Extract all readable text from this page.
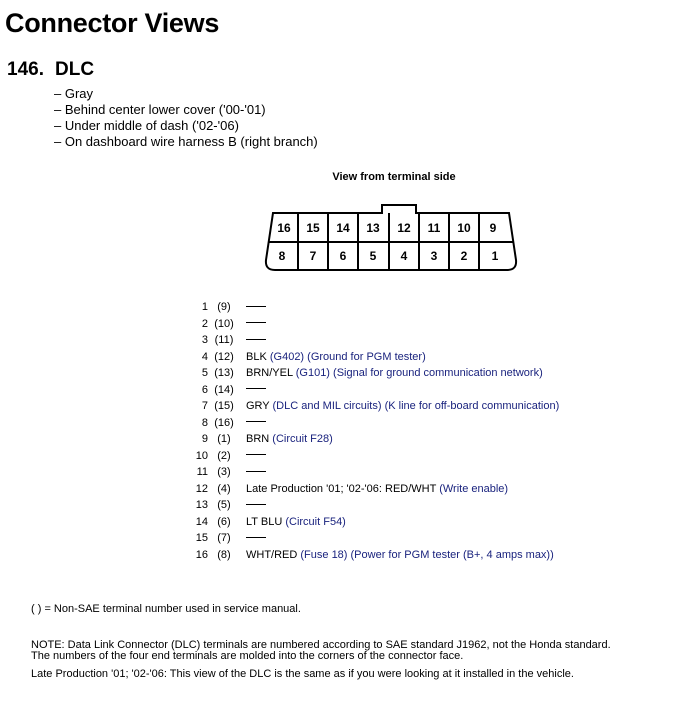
Connector Views
146. DLC
– Gray
– Behind center lower cover ('00-'01)
– Under middle of dash ('02-'06)
– On dashboard wire harness B (right branch)
View from terminal side
16 15 14 13 12 11 10 9
8 7 6 5 4 3 2 1
1 (9)
2 (10)
3 (11)
4 (12) BLK (G402) (Ground for PGM tester)
5 (13) BRN/YEL (G101) (Signal for ground communication network)
6 (14)
7 (15) GRY (DLC and MIL circuits) (K line for off-board communication)
8 (16)
9 (1) BRN (Circuit F28)
10 (2)
11 (3)
12 (4) Late Production '01; '02-'06: RED/WHT (Write enable)
13 (5)
14 (6) LT BLU (Circuit F54)
15 (7)
16 (8) WHT/RED (Fuse 18) (Power for PGM tester (B+, 4 amps max))
( ) = Non-SAE terminal number used in service manual.
NOTE: Data Link Connector (DLC) terminals are numbered according to SAE standard J1962, not the Honda standard.
The numbers of the four end terminals are molded into the corners of the connector face.
Late Production '01; '02-'06: This view of the DLC is the same as if you were looking at it installed in the vehicle.
